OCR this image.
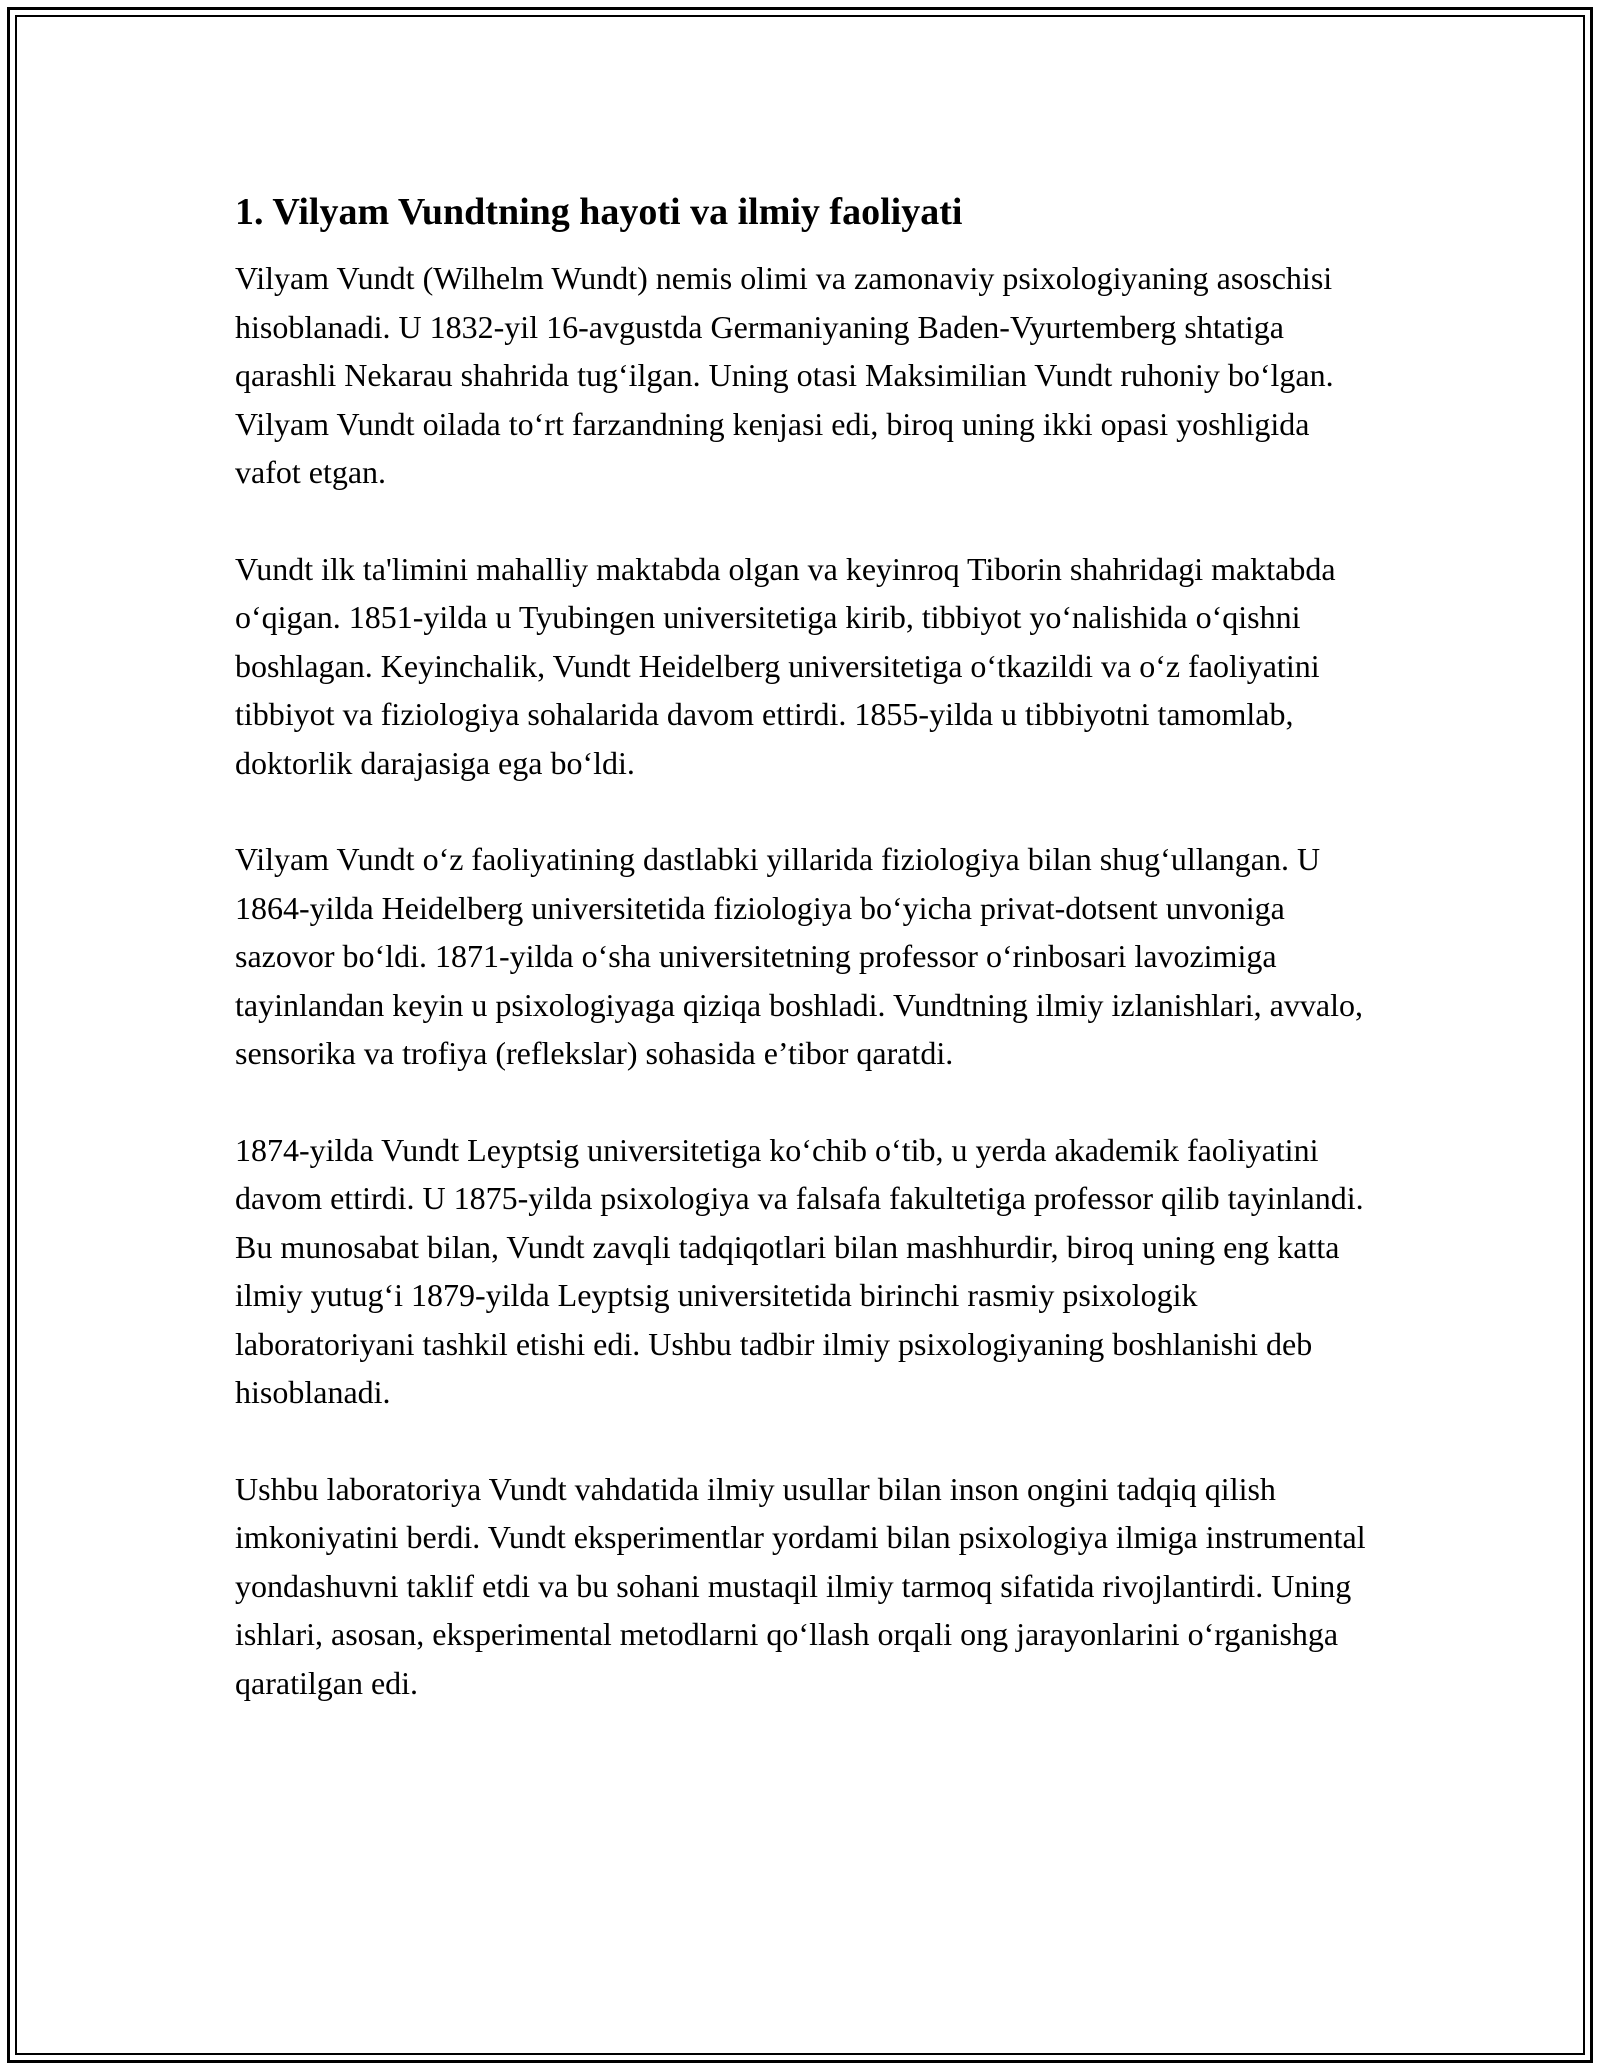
1. Vilyam Vundtning hayoti va ilmiy faoliyati

Vilyam Vundt (Wilhelm Wundt) nemis olimi va zamonaviy psixologiyaning asoschisi hisoblanadi. U 1832-yil 16-avgustda Germaniyaning Baden-Vyurtemberg shtatiga qarashli Nekarau shahrida tug‘ilgan. Uning otasi Maksimilian Vundt ruhoniy bo‘lgan. Vilyam Vundt oilada to‘rt farzandning kenjasi edi, biroq uning ikki opasi yoshligida vafot etgan.

Vundt ilk ta'limini mahalliy maktabda olgan va keyinroq Tiborin shahridagi maktabda o‘qigan. 1851-yilda u Tyubingen universitetiga kirib, tibbiyot yo‘nalishida o‘qishni boshlagan. Keyinchalik, Vundt Heidelberg universitetiga o‘tkazildi va o‘z faoliyatini tibbiyot va fiziologiya sohalarida davom ettirdi. 1855-yilda u tibbiyotni tamomlab, doktorlik darajasiga ega bo‘ldi.

Vilyam Vundt o‘z faoliyatining dastlabki yillarida fiziologiya bilan shug‘ullangan. U 1864-yilda Heidelberg universitetida fiziologiya bo‘yicha privat-dotsent unvoniga sazovor bo‘ldi. 1871-yilda o‘sha universitetning professor o‘rinbosari lavozimiga tayinlandan keyin u psixologiyaga qiziqa boshladi. Vundtning ilmiy izlanishlari, avvalo, sensorika va trofiya (reflekslar) sohasida e’tibor qaratdi.

1874-yilda Vundt Leyptsig universitetiga ko‘chib o‘tib, u yerda akademik faoliyatini davom ettirdi. U 1875-yilda psixologiya va falsafa fakultetiga professor qilib tayinlandi. Bu munosabat bilan, Vundt zavqli tadqiqotlari bilan mashhurdir, biroq uning eng katta ilmiy yutug‘i 1879-yilda Leyptsig universitetida birinchi rasmiy psixologik laboratoriyani tashkil etishi edi. Ushbu tadbir ilmiy psixologiyaning boshlanishi deb hisoblanadi.

Ushbu laboratoriya Vundt vahdatida ilmiy usullar bilan inson ongini tadqiq qilish imkoniyatini berdi. Vundt eksperimentlar yordami bilan psixologiya ilmiga instrumental yondashuvni taklif etdi va bu sohani mustaqil ilmiy tarmoq sifatida rivojlantirdi. Uning ishlari, asosan, eksperimental metodlarni qo‘llash orqali ong jarayonlarini o‘rganishga qaratilgan edi.
